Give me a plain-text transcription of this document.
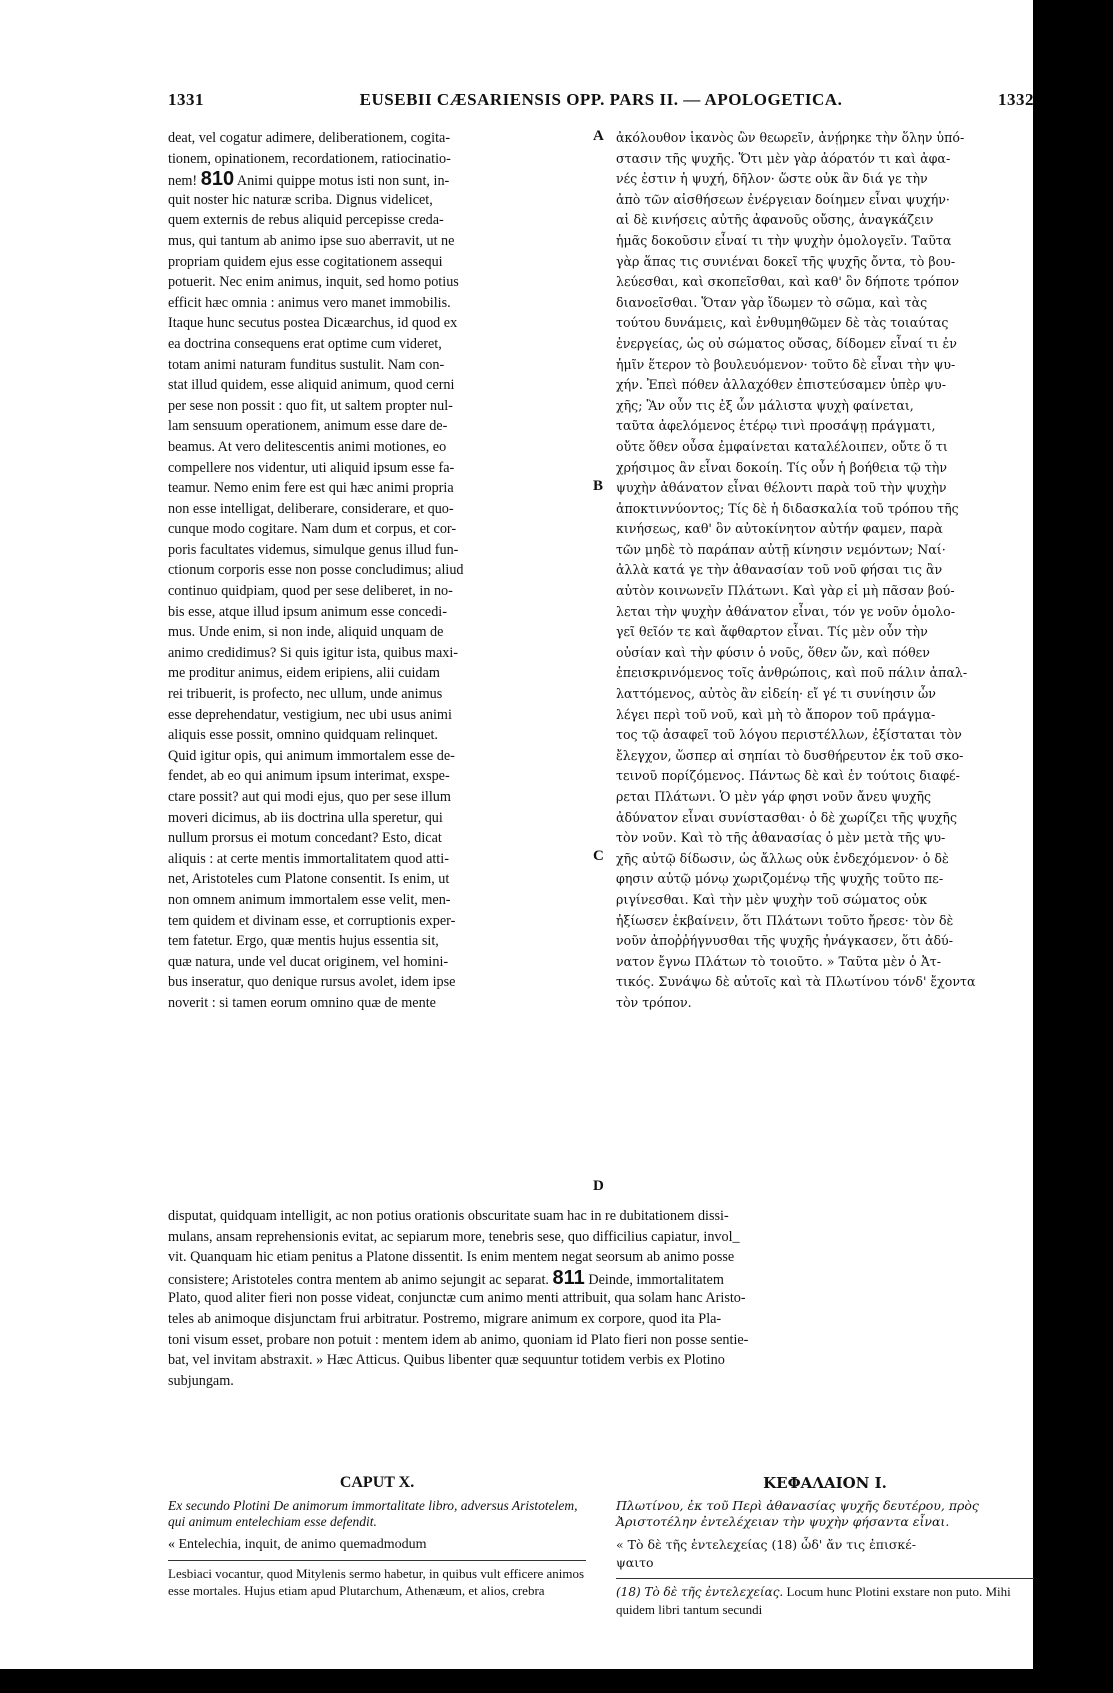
1331	EUSEBII CÆSARIENSIS OPP. PARS II. — APOLOGETICA.	1332
deat, vel cogatur adimere, deliberationem, cogita-
tionem, opinationem, recordationem, ratiocinatio-
nem! 810 Animi quippe motus isti non sunt, in-
quit noster hic naturæ scriba. Dignus videlicet,
quem externis de rebus aliquid percepisse creda-
mus, qui tantum ab animo ipse suo aberravit, ut ne
propriam quidem ejus esse cogitationem assequi
potuerit. Nec enim animus, inquit, sed homo potius
efficit hæc omnia : animus vero manet immobilis.
Itaque hunc secutus postea Dicæarchus, id quod ex
ea doctrina consequens erat optime cum videret,
totam animi naturam funditus sustulit. Nam con-
stat illud quidem, esse aliquid animum, quod cerni
per sese non possit : quo fit, ut saltem propter nul-
lam sensuum operationem, animum esse dare de-
beamus. At vero delitescentis animi motiones, eo
compellere nos videntur, uti aliquid ipsum esse fa-
teamur. Nemo enim fere est qui hæc animi propria
non esse intelligat, deliberare, considerare, et quo-
cunque modo cogitare. Nam dum et corpus, et cor-
poris facultates videmus, simulque genus illud fun-
ctionum corporis esse non posse concludimus; aliud
continuo quidpiam, quod per sese deliberet, in no-
bis esse, atque illud ipsum animum esse concedi-
mus. Unde enim, si non inde, aliquid unquam de
animo credidimus? Si quis igitur ista, quibus maxi-
me proditur animus, eidem eripiens, alii cuidam
rei tribuerit, is profecto, nec ullum, unde animus
esse deprehendatur, vestigium, nec ubi usus animi
aliquis esse possit, omnino quidquam relinquet.
Quid igitur opis, qui animum immortalem esse de-
fendet, ab eo qui animum ipsum interimat, exspe-
ctare possit? aut qui modi ejus, quo per sese illum
moveri dicimus, ab iis doctrina ulla speretur, qui
nullum prorsus ei motum concedant? Esto, dicat
aliquis : at certe mentis immortalitatem quod atti-
net, Aristoteles cum Platone consentit. Is enim, ut
non omnem animum immortalem esse velit, men-
tem quidem et divinam esse, et corruptionis exper-
tem fatetur. Ergo, quæ mentis hujus essentia sit,
quæ natura, unde vel ducat originem, vel homini-
bus inseratur, quo denique rursus avolet, idem ipse
noverit : si tamen eorum omnino quæ de mente
A
B
C
D
ἀκόλουθον ἱκανὸς ὢν θεωρεῖν, ἀνῄρηκε τὴν ὅλην ὑπό-
στασιν τῆς ψυχῆς. Ὅτι μὲν γὰρ ἀόρατόν τι καὶ ἀφα-
νές ἐστιν ἡ ψυχή, δῆλον· ὥστε οὐκ ἂν διά γε τὴν
ἀπὸ τῶν αἰσθήσεων ἐνέργειαν δοίημεν εἶναι ψυχήν·
αἱ δὲ κινήσεις αὐτῆς ἀφανοῦς οὔσης, ἀναγκάζειν
ἡμᾶς δοκοῦσιν εἶναί τι τὴν ψυχὴν ὁμολογεῖν. Ταῦτα
γὰρ ἅπας τις συνιέναι δοκεῖ τῆς ψυχῆς ὄντα, τὸ βου-
λεύεσθαι, καὶ σκοπεῖσθαι, καὶ καθ' ὃν δήποτε τρόπον
διανοεῖσθαι. Ὅταν γὰρ ἴδωμεν τὸ σῶμα, καὶ τὰς
τούτου δυνάμεις, καὶ ἐνθυμηθῶμεν δὲ τὰς τοιαύτας
ἐνεργείας, ὡς οὐ σώματος οὔσας, δίδομεν εἶναί τι ἐν
ἡμῖν ἕτερον τὸ βουλευόμενον· τοῦτο δὲ εἶναι τὴν ψυ-
χήν. Ἐπεὶ πόθεν ἀλλαχόθεν ἐπιστεύσαμεν ὑπὲρ ψυ-
χῆς; Ἂν οὖν τις ἐξ ὧν μάλιστα ψυχὴ φαίνεται,
ταῦτα ἀφελόμενος ἑτέρῳ τινὶ προσάψῃ πράγματι,
οὔτε ὅθεν οὖσα ἐμφαίνεται καταλέλοιπεν, οὔτε ὅ τι
χρήσιμος ἂν εἶναι δοκοίη. Τίς οὖν ἡ βοήθεια τῷ τὴν
ψυχὴν ἀθάνατον εἶναι θέλοντι παρὰ τοῦ τὴν ψυχὴν
ἀποκτιννύοντος; Τίς δὲ ἡ διδασκαλία τοῦ τρόπου τῆς
κινήσεως, καθ' ὃν αὐτοκίνητον αὐτήν φαμεν, παρὰ
τῶν μηδὲ τὸ παράπαν αὐτῇ κίνησιν νεμόντων; Ναί·
ἀλλὰ κατά γε τὴν ἀθανασίαν τοῦ νοῦ φήσαι τις ἂν
αὐτὸν κοινωνεῖν Πλάτωνι. Καὶ γὰρ εἰ μὴ πᾶσαν βού-
λεται τὴν ψυχὴν ἀθάνατον εἶναι, τόν γε νοῦν ὁμολο-
γεῖ θεῖόν τε καὶ ἄφθαρτον εἶναι. Τίς μὲν οὖν τὴν
οὐσίαν καὶ τὴν φύσιν ὁ νοῦς, ὅθεν ὤν, καὶ πόθεν
ἐπεισκρινόμενος τοῖς ἀνθρώποις, καὶ ποῦ πάλιν ἀπαλ-
λαττόμενος, αὐτὸς ἂν εἰδείη· εἴ γέ τι συνίησιν ὧν
λέγει περὶ τοῦ νοῦ, καὶ μὴ τὸ ἄπορον τοῦ πράγμα-
τος τῷ ἀσαφεῖ τοῦ λόγου περιστέλλων, ἐξίσταται τὸν
ἔλεγχον, ὥσπερ αἱ σηπίαι τὸ δυσθήρευτον ἐκ τοῦ σκο-
τεινοῦ πορίζόμενος. Πάντως δὲ καὶ ἐν τούτοις διαφέ-
ρεται Πλάτωνι. Ὁ μὲν γάρ φησι νοῦν ἄνευ ψυχῆς
ἀδύνατον εἶναι συνίστασθαι· ὁ δὲ χωρίζει τῆς ψυχῆς
τὸν νοῦν. Καὶ τὸ τῆς ἀθανασίας ὁ μὲν μετὰ τῆς ψυ-
χῆς αὐτῷ δίδωσιν, ὡς ἄλλως οὐκ ἐνδεχόμενον· ὁ δὲ
φησιν αὐτῷ μόνῳ χωριζομένῳ τῆς ψυχῆς τοῦτο πε-
ριγίνεσθαι. Καὶ τὴν μὲν ψυχὴν τοῦ σώματος οὐκ
ἠξίωσεν ἐκβαίνειν, ὅτι Πλάτωνι τοῦτο ἤρεσε· τὸν δὲ
νοῦν ἀποῤῥήγνυσθαι τῆς ψυχῆς ἠνάγκασεν, ὅτι ἀδύ-
νατον ἔγνω Πλάτων τὸ τοιοῦτο. » Ταῦτα μὲν ὁ Ἀτ-
τικός. Συνάψω δὲ αὐτοῖς καὶ τὰ Πλωτίνου τόνδ' ἔχοντα
τὸν τρόπον.
disputat, quidquam intelligit, ac non potius orationis obscuritate suam hac in re dubitationem dissi-
mulans, ansam reprehensionis evitat, ac sepiarum more, tenebris sese, quo difficilius capiatur, invol_
vit. Quanquam hic etiam penitus a Platone dissentit. Is enim mentem negat seorsum ab animo posse
consistere; Aristoteles contra mentem ab animo sejungit ac separat. 811 Deinde, immortalitatem
Plato, quod aliter fieri non posse videat, conjunctæ cum animo menti attribuit, qua solam hanc Aristo-
teles ab animoque disjunctam frui arbitratur. Postremo, migrare animum ex corpore, quod ita Pla-
toni visum esset, probare non potuit : mentem idem ab animo, quoniam id Plato fieri non posse sentie-
bat, vel invitam abstraxit. » Hæc Atticus. Quibus libenter quæ sequuntur totidem verbis ex Plotino
subjungam.
CAPUT X.
Ex secundo Plotini De animorum immortalitate libro, adversus Aristotelem, qui animum entelechiam esse defendit.
« Entelechia, inquit, de animo quemadmodum
Lesbiaci vocantur, quod Mitylenis sermo habetur, in quibus vult efficere animos esse mortales. Hujus etiam apud Plutarchum, Athenæum, et alios, crebra
ΚΕΦΑΛΑΙΟΝ Ι.
Πλωτίνου, ἐκ τοῦ Περὶ ἀθανασίας ψυχῆς δευτέρου, πρὸς Ἀριστοτέλην ἐντελέχειαν τὴν ψυχὴν φήσαντα εἶναι.
« Τὸ δὲ τῆς ἐντελεχείας (18) ὧδ' ἄν τις ἐπισκέ-
ψαιτο
(18) Τὸ δὲ τῆς ἐντελεχείας. Locum hunc Plotini exstare non puto. Mihi quidem libri tantum secundi
